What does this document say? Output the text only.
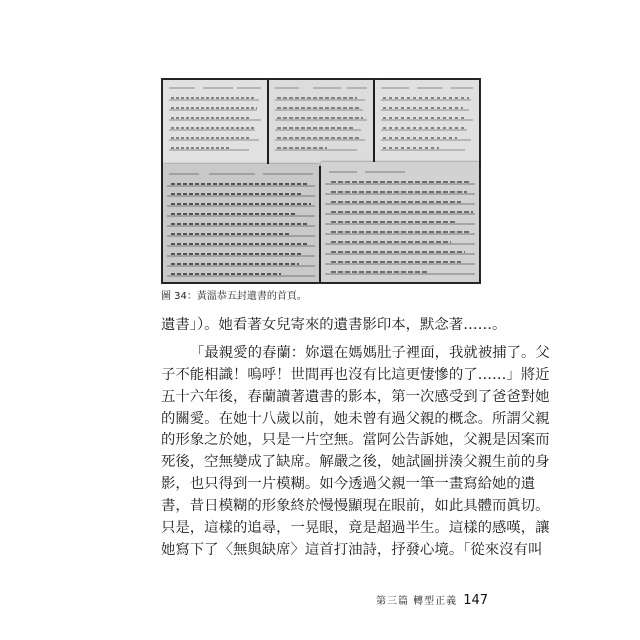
圖 34：黃溫恭五封遺書的首頁。
遺書」）。她看著女兒寄來的遺書影印本，默念著……。
「最親愛的春蘭：妳還在媽媽肚子裡面，我就被捕了。父
子不能相識！嗚呼！世間再也沒有比這更悽慘的了……」將近
五十六年後，春蘭讀著遺書的影本，第一次感受到了爸爸對她
的關愛。在她十八歲以前，她未曾有過父親的概念。所謂父親
的形象之於她，只是一片空無。當阿公告訴她，父親是因案而
死後，空無變成了缺席。解嚴之後，她試圖拼湊父親生前的身
影，也只得到一片模糊。如今透過父親一筆一畫寫給她的遺
書，昔日模糊的形象終於慢慢顯現在眼前，如此具體而眞切。
只是，這樣的追尋，一晃眼，竟是超過半生。這樣的感嘆，讓
她寫下了〈無與缺席〉這首打油詩，抒發心境。「從來沒有叫
第三篇 轉型正義 147
